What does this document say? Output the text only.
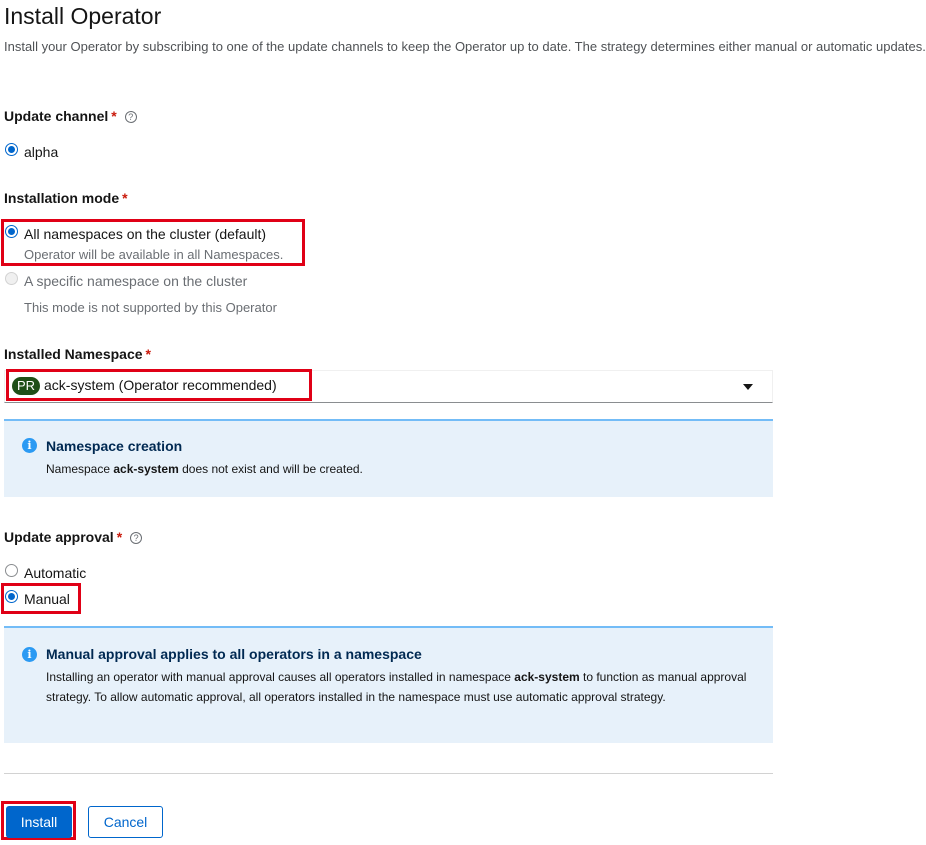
Install Operator
Install your Operator by subscribing to one of the update channels to keep the Operator up to date. The strategy determines either manual or automatic updates.
Update channel * ?
alpha
Installation mode *
All namespaces on the cluster (default)
Operator will be available in all Namespaces.
A specific namespace on the cluster
This mode is not supported by this Operator
Installed Namespace *
PR ack-system (Operator recommended)
i	Namespace creation
Namespace ack-system does not exist and will be created.
Update approval * ?
Automatic
Manual
i	Manual approval applies to all operators in a namespace
Installing an operator with manual approval causes all operators installed in namespace ack-system to function as manual approval strategy. To allow automatic approval, all operators installed in the namespace must use automatic approval strategy.
Install	Cancel
